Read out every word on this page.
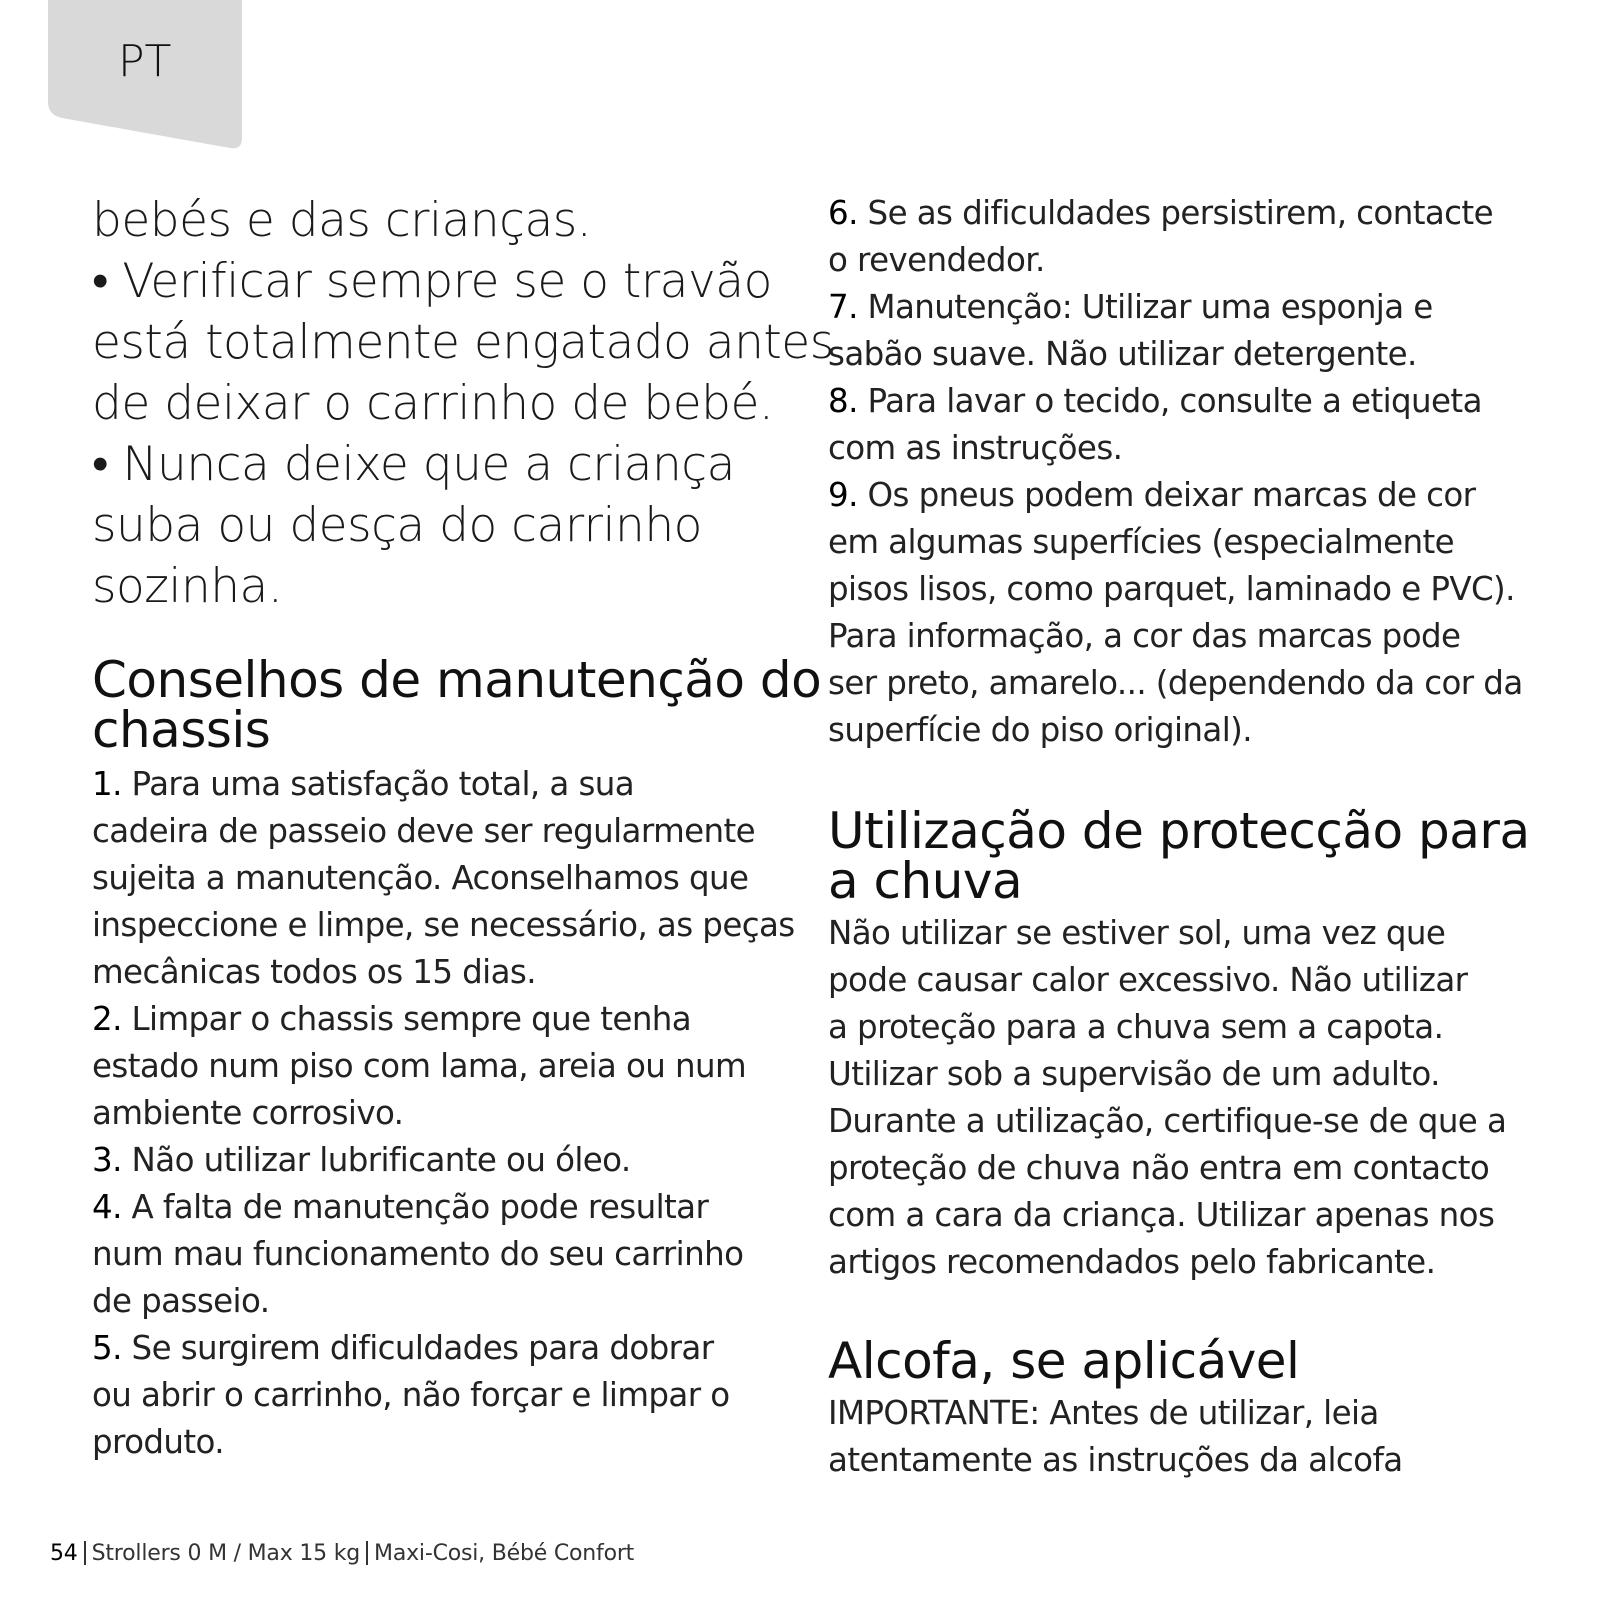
PT
bebés e das crianças.
• Verificar sempre se o travão
está totalmente engatado antes
de deixar o carrinho de bebé.
• Nunca deixe que a criança
suba ou desça do carrinho
sozinha.
Conselhos de manutenção do
chassis
1. Para uma satisfação total, a sua
cadeira de passeio deve ser regularmente
sujeita a manutenção. Aconselhamos que
inspeccione e limpe, se necessário, as peças
mecânicas todos os 15 dias.
2. Limpar o chassis sempre que tenha
estado num piso com lama, areia ou num
ambiente corrosivo.
3. Não utilizar lubrificante ou óleo.
4. A falta de manutenção pode resultar
num mau funcionamento do seu carrinho
de passeio.
5. Se surgirem dificuldades para dobrar
ou abrir o carrinho, não forçar e limpar o
produto.
6. Se as dificuldades persistirem, contacte
o revendedor.
7. Manutenção: Utilizar uma esponja e
sabão suave. Não utilizar detergente.
8. Para lavar o tecido, consulte a etiqueta
com as instruções.
9. Os pneus podem deixar marcas de cor
em algumas superfícies (especialmente
pisos lisos, como parquet, laminado e PVC).
Para informação, a cor das marcas pode
ser preto, amarelo... (dependendo da cor da
superfície do piso original).
Utilização de protecção para
a chuva
Não utilizar se estiver sol, uma vez que
pode causar calor excessivo. Não utilizar
a proteção para a chuva sem a capota.
Utilizar sob a supervisão de um adulto.
Durante a utilização, certifique-se de que a
proteção de chuva não entra em contacto
com a cara da criança. Utilizar apenas nos
artigos recomendados pelo fabricante.
Alcofa, se aplicável
IMPORTANTE: Antes de utilizar, leia
atentamente as instruções da alcofa
54 Strollers 0 M / Max 15 kg Maxi-Cosi, Bébé Confort
